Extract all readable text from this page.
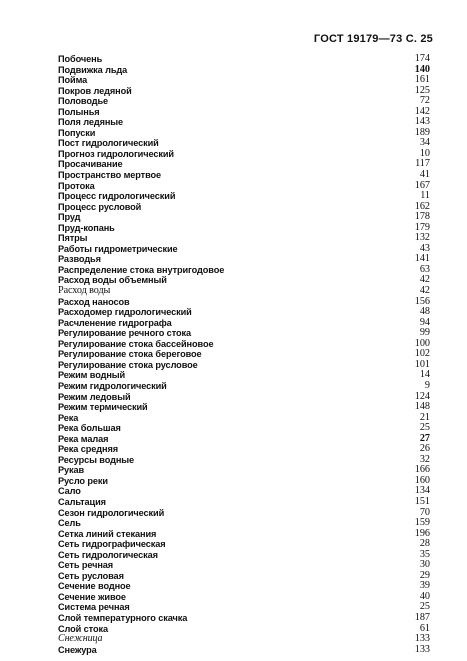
ГОСТ 19179—73 С. 25
Побочень	174
Подвижка льда	140
Пойма	161
Покров ледяной	125
Половодье	72
Полынья	142
Поля ледяные	143
Попуски	189
Пост гидрологический	34
Прогноз гидрологический	10
Просачивание	117
Пространство мертвое	41
Протока	167
Процесс гидрологический	11
Процесс русловой	162
Пруд	178
Пруд-копань	179
Пятры	132
Работы гидрометрические	43
Разводья	141
Распределение стока внутригодовое	63
Расход воды объемный	42
Расход воды	42
Расход наносов	156
Расходомер гидрологический	48
Расчленение гидрографа	94
Регулирование речного стока	99
Регулирование стока бассейновое	100
Регулирование стока береговое	102
Регулирование стока русловое	101
Режим водный	14
Режим гидрологический	9
Режим ледовый	124
Режим термический	148
Река	21
Река большая	25
Река малая	27
Река средняя	26
Ресурсы водные	32
Рукав	166
Русло реки	160
Сало	134
Сальтация	151
Сезон гидрологический	70
Сель	159
Сетка линий стекания	196
Сеть гидрографическая	28
Сеть гидрологическая	35
Сеть речная	30
Сеть русловая	29
Сечение водное	39
Сечение живое	40
Система речная	25
Слой температурного скачка	187
Слой стока	61
Снежница	133
Снежура	133
